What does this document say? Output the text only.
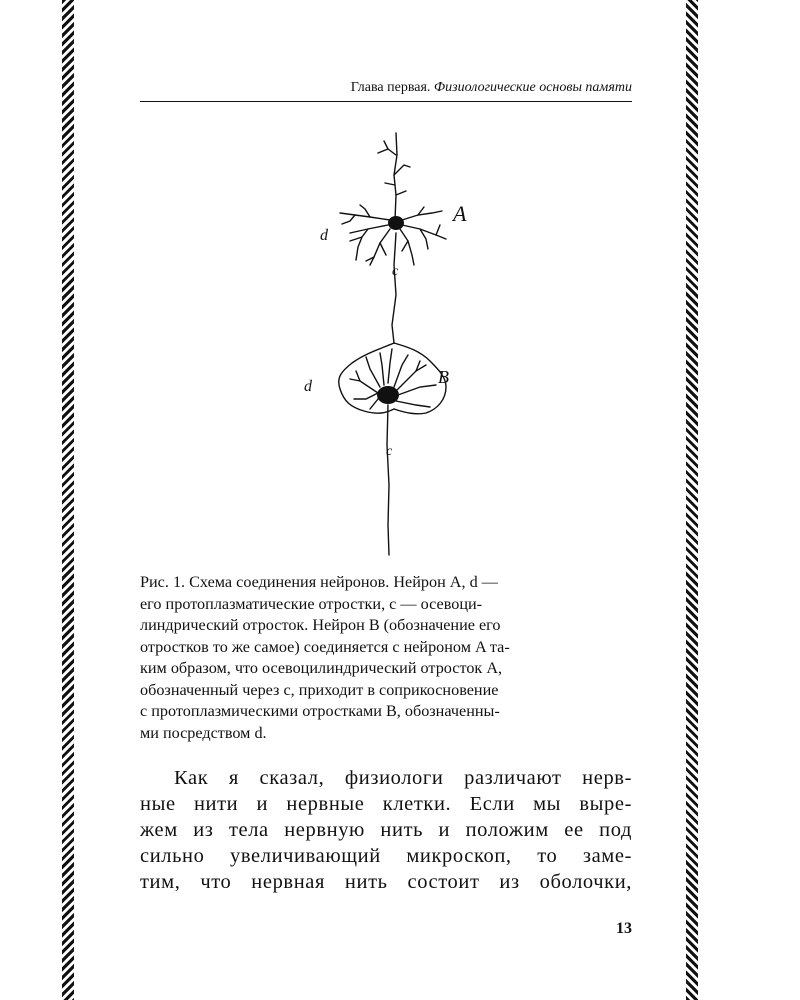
Глава первая. Физиологические основы памяти
A
d
c
d	B
c
Рис. 1. Схема соединения нейронов. Нейрон A, d —
его протоплазматические отростки, c — осевоци-
линдрический отросток. Нейрон B (обозначение его
отростков то же самое) соединяется с нейроном A та-
ким образом, что осевоцилиндрический отросток A,
обозначенный через c, приходит в соприкосновение
с протоплазмическими отростками B, обозначенны-
ми посредством d.
Как я сказал, физиологи различают нерв-
ные нити и нервные клетки. Если мы выре-
жем из тела нервную нить и положим ее под
сильно увеличивающий микроскоп, то заме-
тим, что нервная нить состоит из оболочки,
13
